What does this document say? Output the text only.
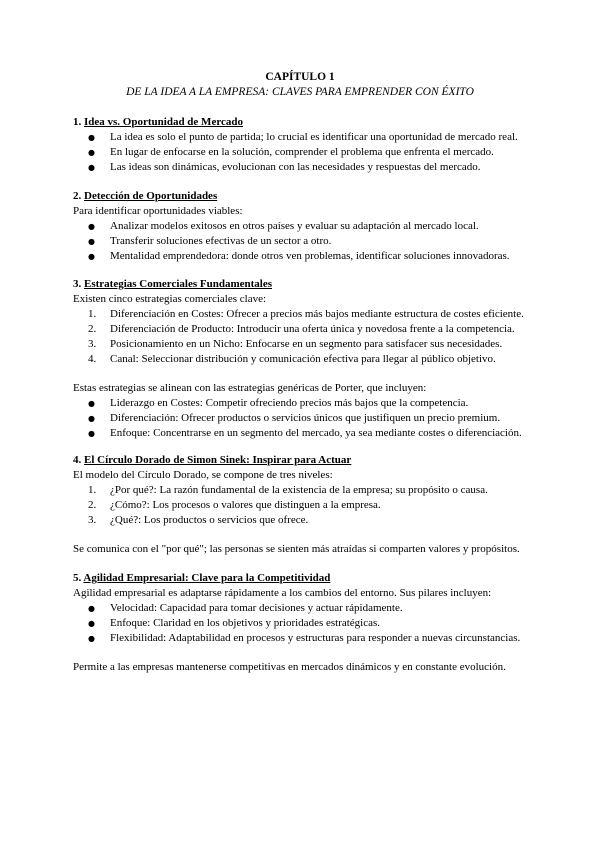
CAPÍTULO 1
DE LA IDEA A LA EMPRESA: CLAVES PARA EMPRENDER CON ÉXITO
1. Idea vs. Oportunidad de Mercado
● La idea es solo el punto de partida; lo crucial es identificar una oportunidad de mercado real.
● En lugar de enfocarse en la solución, comprender el problema que enfrenta el mercado.
● Las ideas son dinámicas, evolucionan con las necesidades y respuestas del mercado.
2. Detección de Oportunidades
Para identificar oportunidades viables:
● Analizar modelos exitosos en otros países y evaluar su adaptación al mercado local.
● Transferir soluciones efectivas de un sector a otro.
● Mentalidad emprendedora: donde otros ven problemas, identificar soluciones innovadoras.
3. Estrategias Comerciales Fundamentales
Existen cinco estrategias comerciales clave:
1. Diferenciación en Costes: Ofrecer a precios más bajos mediante estructura de costes eficiente.
2. Diferenciación de Producto: Introducir una oferta única y novedosa frente a la competencia.
3. Posicionamiento en un Nicho: Enfocarse en un segmento para satisfacer sus necesidades.
4. Canal: Seleccionar distribución y comunicación efectiva para llegar al público objetivo.
Estas estrategias se alinean con las estrategias genéricas de Porter, que incluyen:
● Liderazgo en Costes: Competir ofreciendo precios más bajos que la competencia.
● Diferenciación: Ofrecer productos o servicios únicos que justifiquen un precio premium.
● Enfoque: Concentrarse en un segmento del mercado, ya sea mediante costes o diferenciación.
4. El Círculo Dorado de Simon Sinek: Inspirar para Actuar
El modelo del Círculo Dorado, se compone de tres niveles:
1. ¿Por qué?: La razón fundamental de la existencia de la empresa; su propósito o causa.
2. ¿Cómo?: Los procesos o valores que distinguen a la empresa.
3. ¿Qué?: Los productos o servicios que ofrece.
Se comunica con el "por qué"; las personas se sienten más atraídas si comparten valores y propósitos.
5. Agilidad Empresarial: Clave para la Competitividad
Agilidad empresarial es adaptarse rápidamente a los cambios del entorno. Sus pilares incluyen:
● Velocidad: Capacidad para tomar decisiones y actuar rápidamente.
● Enfoque: Claridad en los objetivos y prioridades estratégicas.
● Flexibilidad: Adaptabilidad en procesos y estructuras para responder a nuevas circunstancias.
Permite a las empresas mantenerse competitivas en mercados dinámicos y en constante evolución.
